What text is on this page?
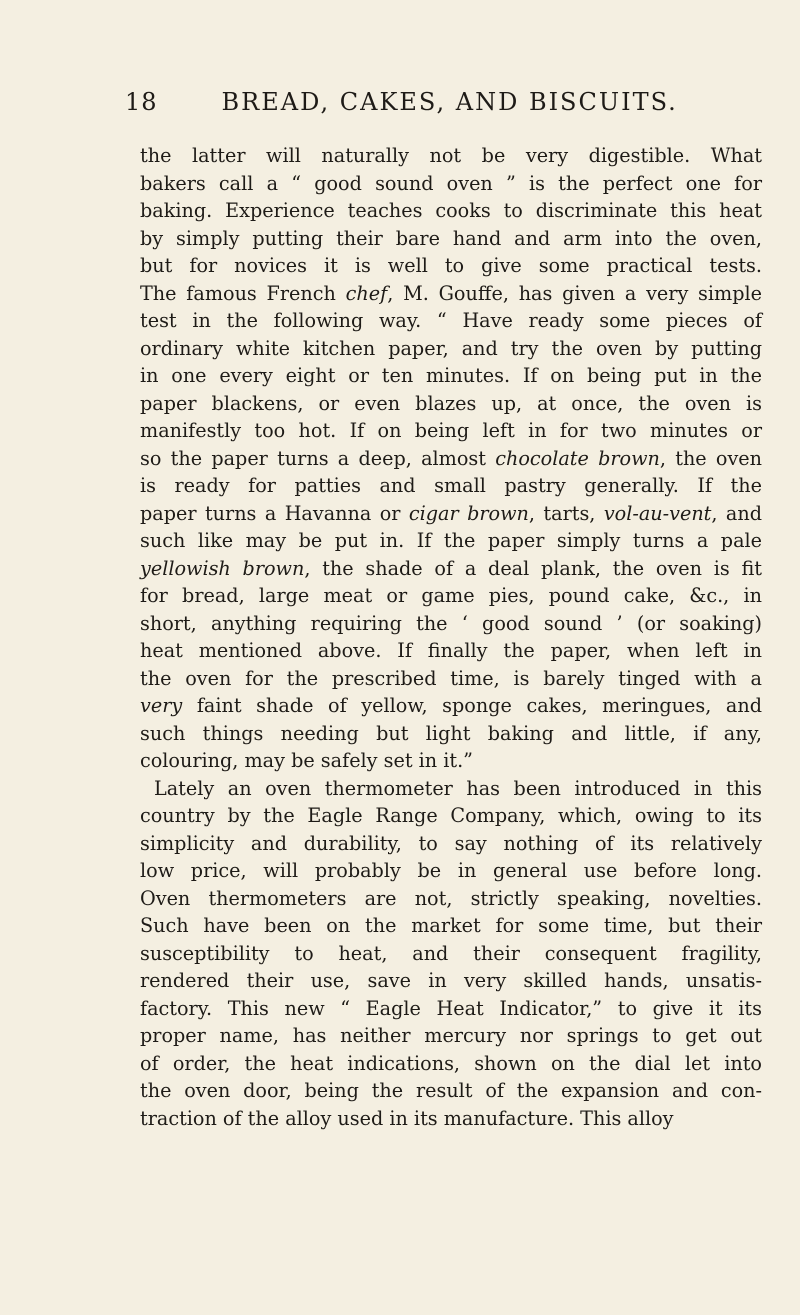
18	BREAD, CAKES, AND BISCUITS.
the latter will naturally not be very digestible. What
bakers call a “ good sound oven ” is the perfect one for
baking. Experience teaches cooks to discriminate this heat
by simply putting their bare hand and arm into the oven,
but for novices it is well to give some practical tests.
The famous French chef, M. Gouffe, has given a very simple
test in the following way. “ Have ready some pieces of
ordinary white kitchen paper, and try the oven by putting
in one every eight or ten minutes. If on being put in the
paper blackens, or even blazes up, at once, the oven is
manifestly too hot. If on being left in for two minutes or
so the paper turns a deep, almost chocolate brown, the oven
is ready for patties and small pastry generally. If the
paper turns a Havanna or cigar brown, tarts, vol-au-vent, and
such like may be put in. If the paper simply turns a pale
yellowish brown, the shade of a deal plank, the oven is fit
for bread, large meat or game pies, pound cake, &c., in
short, anything requiring the ‘ good sound ’ (or soaking)
heat mentioned above. If finally the paper, when left in
the oven for the prescribed time, is barely tinged with a
very faint shade of yellow, sponge cakes, meringues, and
such things needing but light baking and little, if any,
colouring, may be safely set in it.”
Lately an oven thermometer has been introduced in this
country by the Eagle Range Company, which, owing to its
simplicity and durability, to say nothing of its relatively
low price, will probably be in general use before long.
Oven thermometers are not, strictly speaking, novelties.
Such have been on the market for some time, but their
susceptibility to heat, and their consequent fragility,
rendered their use, save in very skilled hands, unsatis-
factory. This new “ Eagle Heat Indicator,” to give it its
proper name, has neither mercury nor springs to get out
of order, the heat indications, shown on the dial let into
the oven door, being the result of the expansion and con-
traction of the alloy used in its manufacture. This alloy
